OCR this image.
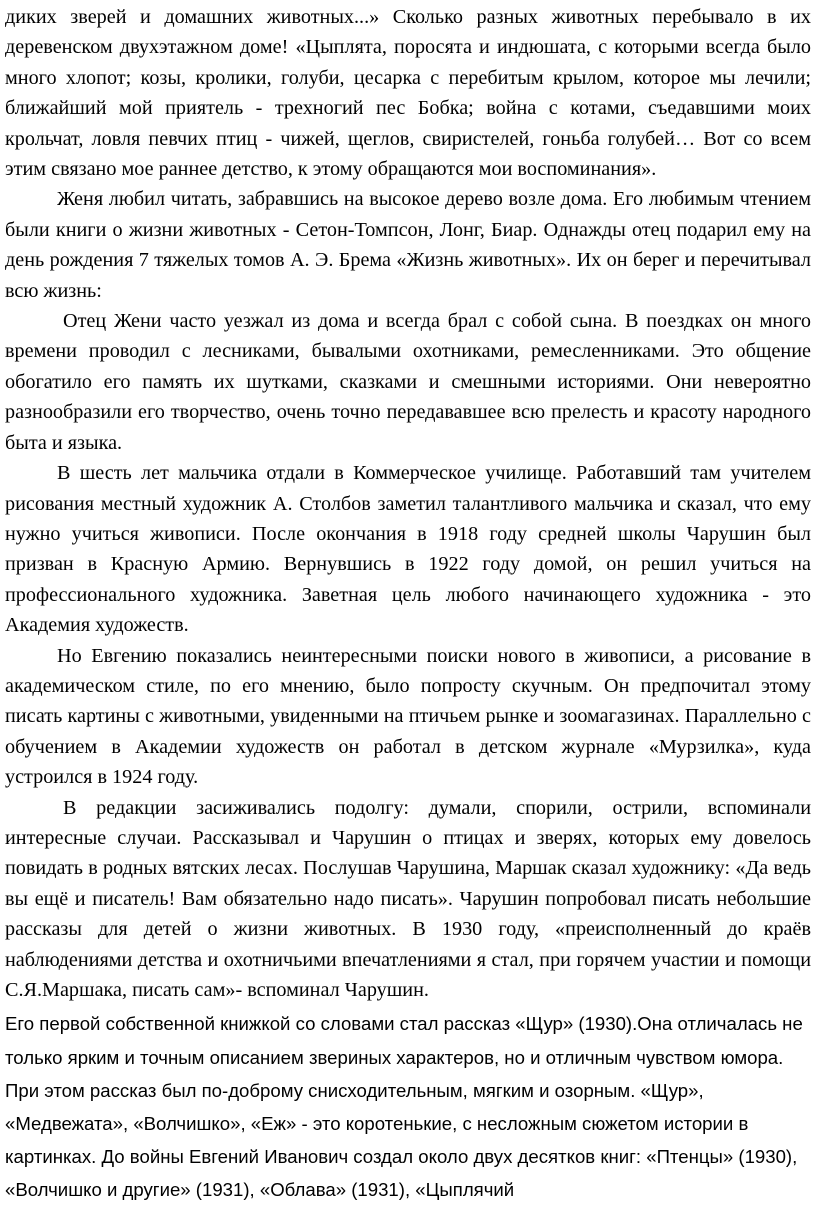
диких зверей и домашних животных...» Сколько разных животных перебывало в их деревенском двухэтажном доме! «Цыплята, поросята и индюшата, с которыми всегда было много хлопот; козы, кролики, голуби, цесарка с перебитым крылом, которое мы лечили; ближайший мой приятель - трехногий пес Бобка; война с котами, съедавшими моих крольчат, ловля певчих птиц - чижей, щеглов, свиристелей, гоньба голубей… Вот со всем этим связано мое раннее детство, к этому обращаются мои воспоминания».

Женя любил читать, забравшись на высокое дерево возле дома. Его любимым чтением были книги о жизни животных - Сетон-Томпсон, Лонг, Биар. Однажды отец подарил ему на день рождения 7 тяжелых томов А. Э. Брема «Жизнь животных». Их он берег и перечитывал всю жизнь:

Отец Жени часто уезжал из дома и всегда брал с собой сына. В поездках он много времени проводил с лесниками, бывалыми охотниками, ремесленниками. Это общение обогатило его память их шутками, сказками и смешными историями. Они невероятно разнообразили его творчество, очень точно передававшее всю прелесть и красоту народного быта и языка.

В шесть лет мальчика отдали в Коммерческое училище. Работавший там учителем рисования местный художник А. Столбов заметил талантливого мальчика и сказал, что ему нужно учиться живописи. После окончания в 1918 году средней школы Чарушин был призван в Красную Армию. Вернувшись в 1922 году домой, он решил учиться на профессионального художника. Заветная цель любого начинающего художника - это Академия художеств.

Но Евгению показались неинтересными поиски нового в живописи, а рисование в академическом стиле, по его мнению, было попросту скучным. Он предпочитал этому писать картины с животными, увиденными на птичьем рынке и зоомагазинах. Параллельно с обучением в Академии художеств он работал в детском журнале «Мурзилка», куда устроился в 1924 году.

В редакции засиживались подолгу: думали, спорили, острили, вспоминали интересные случаи. Рассказывал и Чарушин о птицах и зверях, которых ему довелось повидать в родных вятских лесах. Послушав Чарушина, Маршак сказал художнику: «Да ведь вы ещё и писатель! Вам обязательно надо писать». Чарушин попробовал писать небольшие рассказы для детей о жизни животных. В 1930 году, «преисполненный до краёв наблюдениями детства и охотничьими впечатлениями я стал, при горячем участии и помощи С.Я.Маршака, писать сам»- вспоминал Чарушин.

Его первой собственной книжкой со словами стал рассказ «Щур» (1930).Она отличалась не только ярким и точным описанием звериных характеров, но и отличным чувством юмора. При этом рассказ был по-доброму снисходительным, мягким и озорным. «Щур», «Медвежата», «Волчишко», «Еж» - это коротенькие, с несложным сюжетом истории в картинках. До войны Евгений Иванович создал около двух десятков книг: «Птенцы» (1930), «Волчишко и другие» (1931), «Облава» (1931), «Цыплячий
